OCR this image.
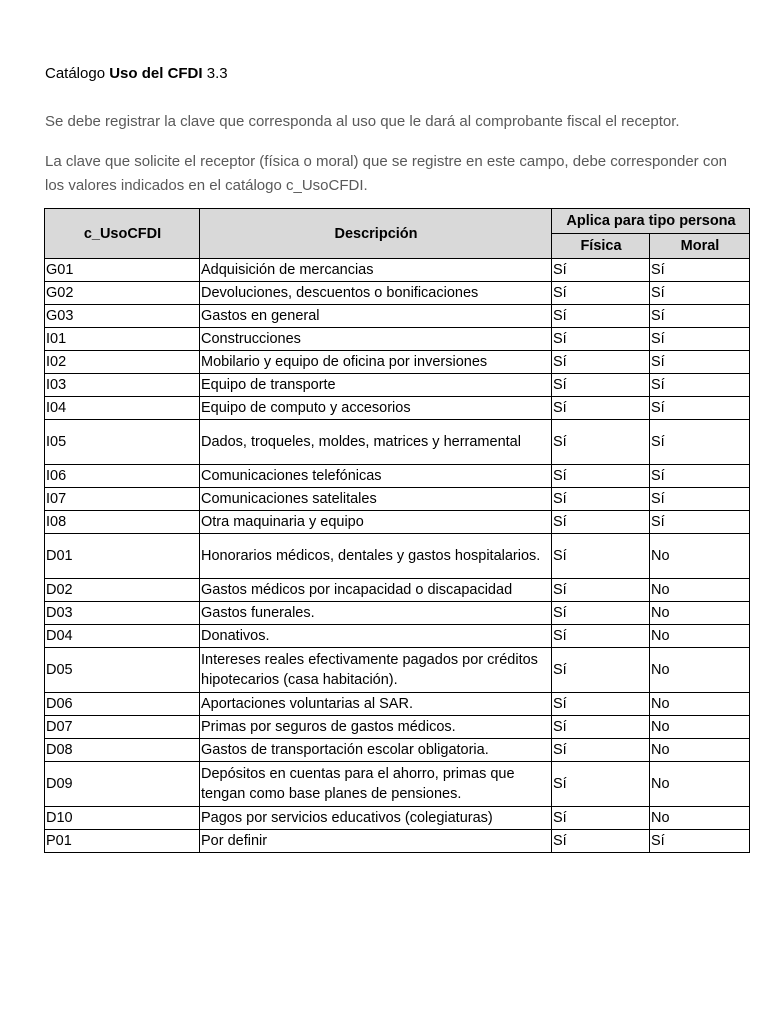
Catálogo Uso del CFDI 3.3
Se debe registrar la clave que corresponda al uso que le dará al comprobante fiscal el receptor.
La clave que solicite el receptor (física o moral) que se registre en este campo, debe corresponder con los valores indicados en el catálogo c_UsoCFDI.
c_UsoCFDI	Descripción	Aplica para tipo persona	
		Física	Moral
G01	Adquisición de mercancias	Sí	Sí
G02	Devoluciones, descuentos o bonificaciones	Sí	Sí
G03	Gastos en general	Sí	Sí
I01	Construcciones	Sí	Sí
I02	Mobilario y equipo de oficina por inversiones	Sí	Sí
I03	Equipo de transporte	Sí	Sí
I04	Equipo de computo y accesorios	Sí	Sí
I05	Dados, troqueles, moldes, matrices y herramental	Sí	Sí
I06	Comunicaciones telefónicas	Sí	Sí
I07	Comunicaciones satelitales	Sí	Sí
I08	Otra maquinaria y equipo	Sí	Sí
D01	Honorarios médicos, dentales y gastos hospitalarios.	Sí	No
D02	Gastos médicos por incapacidad o discapacidad	Sí	No
D03	Gastos funerales.	Sí	No
D04	Donativos.	Sí	No
D05	Intereses reales efectivamente pagados por créditos hipotecarios (casa habitación).	Sí	No
D06	Aportaciones voluntarias al SAR.	Sí	No
D07	Primas por seguros de gastos médicos.	Sí	No
D08	Gastos de transportación escolar obligatoria.	Sí	No
D09	Depósitos en cuentas para el ahorro, primas que tengan como base planes de pensiones.	Sí	No
D10	Pagos por servicios educativos (colegiaturas)	Sí	No
P01	Por definir	Sí	Sí
